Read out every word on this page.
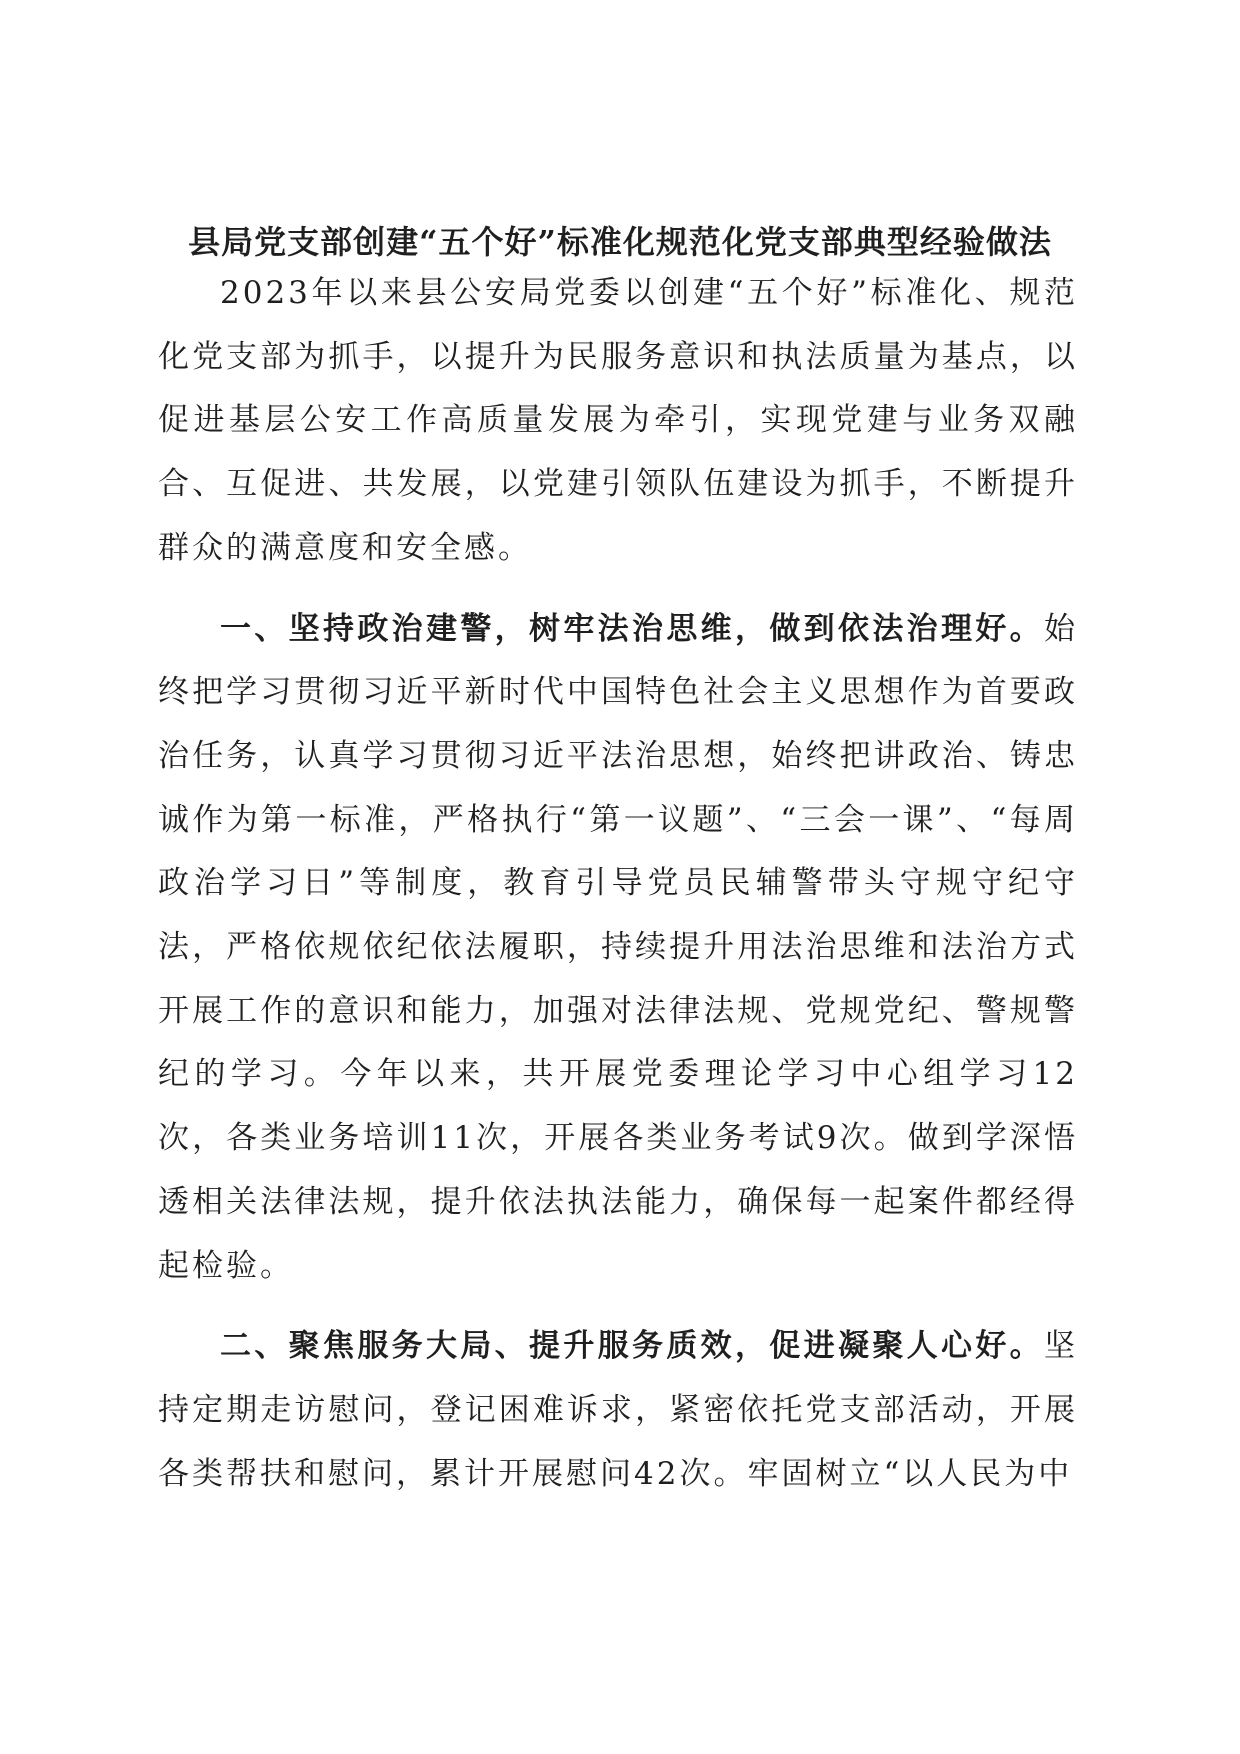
县局党支部创建“五个好”标准化规范化党支部典型经验做法

2023年以来县公安局党委以创建“五个好”标准化、规范化党支部为抓手，以提升为民服务意识和执法质量为基点，以促进基层公安工作高质量发展为牵引，实现党建与业务双融合、互促进、共发展，以党建引领队伍建设为抓手，不断提升群众的满意度和安全感。

一、坚持政治建警，树牢法治思维，做到依法治理好。始终把学习贯彻习近平新时代中国特色社会主义思想作为首要政治任务，认真学习贯彻习近平法治思想，始终把讲政治、铸忠诚作为第一标准，严格执行“第一议题”、“三会一课”、“每周政治学习日”等制度，教育引导党员民辅警带头守规守纪守法，严格依规依纪依法履职，持续提升用法治思维和法治方式开展工作的意识和能力，加强对法律法规、党规党纪、警规警纪的学习。今年以来，共开展党委理论学习中心组学习12次，各类业务培训11次，开展各类业务考试9次。做到学深悟透相关法律法规，提升依法执法能力，确保每一起案件都经得起检验。

二、聚焦服务大局、提升服务质效，促进凝聚人心好。坚持定期走访慰问，登记困难诉求，紧密依托党支部活动，开展各类帮扶和慰问，累计开展慰问42次。牢固树立“以人民为中
